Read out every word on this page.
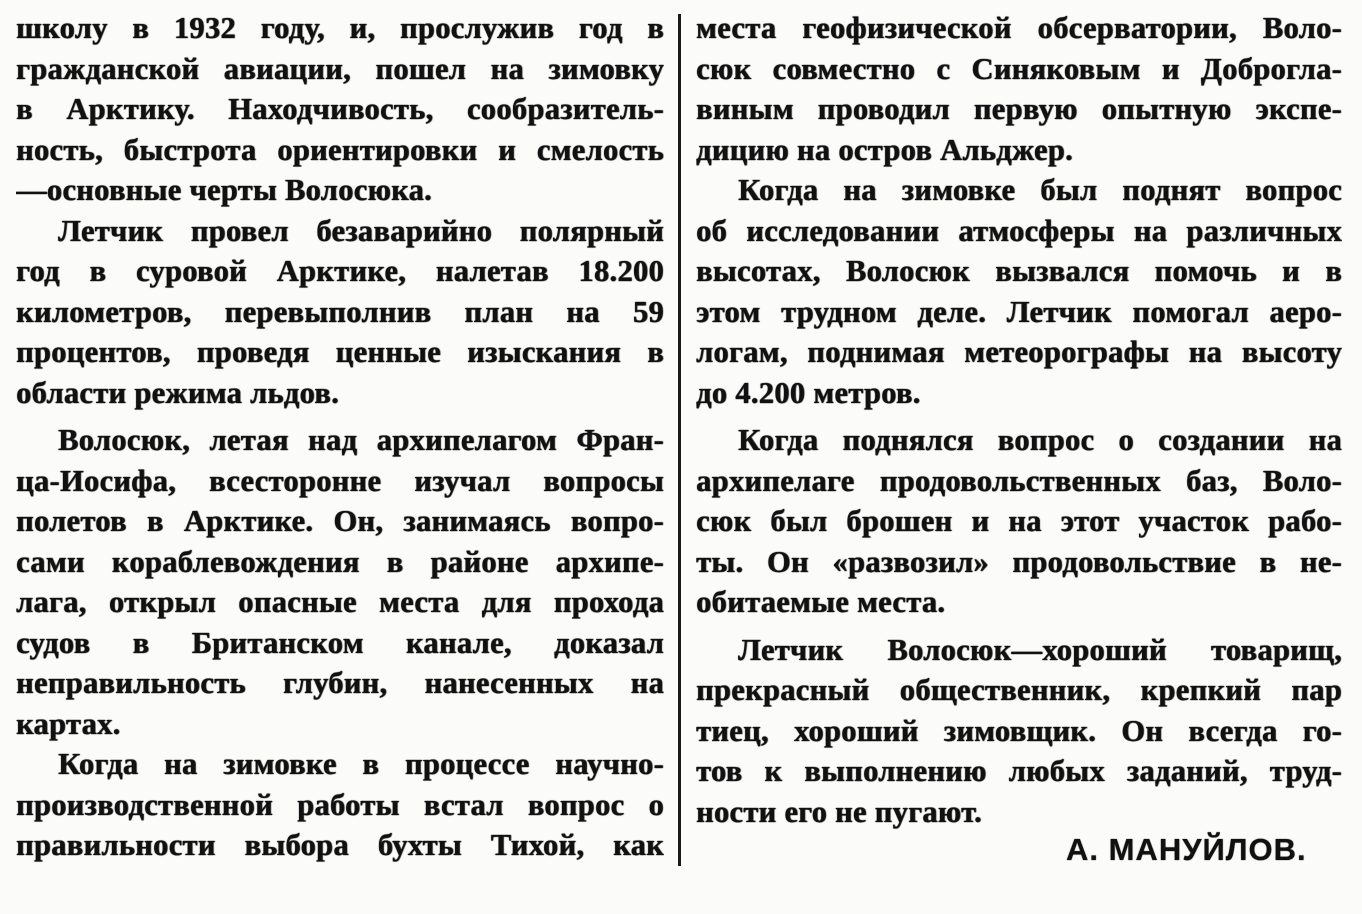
школу в 1932 году, и, прослужив год в
гражданской авиации, пошел на зимовку
в Арктику. Находчивость, сообразитель-
ность, быстрота ориентировки и смелость
—основные черты Волосюка.
Летчик провел безаварийно полярный
год в суровой Арктике, налетав 18.200
километров, перевыполнив план на 59
процентов, проведя ценные изыскания в
области режима льдов.
Волосюк, летая над архипелагом Фран-
ца-Иосифа, всесторонне изучал вопросы
полетов в Арктике. Он, занимаясь вопро-
сами кораблевождения в районе архипе-
лага, открыл опасные места для прохода
судов в Британском канале, доказал
неправильность глубин, нанесенных на
картах.
Когда на зимовке в процессе научно-
производственной работы встал вопрос о
правильности выбора бухты Тихой, как
места геофизической обсерватории, Воло-
сюк совместно с Синяковым и Доброгла-
виным проводил первую опытную экспе-
дицию на остров Альджер.
Когда на зимовке был поднят вопрос
об исследовании атмосферы на различных
высотах, Волосюк вызвался помочь и в
этом трудном деле. Летчик помогал аеро-
логам, поднимая метеорографы на высоту
до 4.200 метров.
Когда поднялся вопрос о создании на
архипелаге продовольственных баз, Воло-
сюк был брошен и на этот участок рабо-
ты. Он «развозил» продовольствие в не-
обитаемые места.
Летчик Волосюк—хороший товарищ,
прекрасный общественник, крепкий пар
тиец, хороший зимовщик. Он всегда го-
тов к выполнению любых заданий, труд-
ности его не пугают.
А. МАНУЙЛОВ.
